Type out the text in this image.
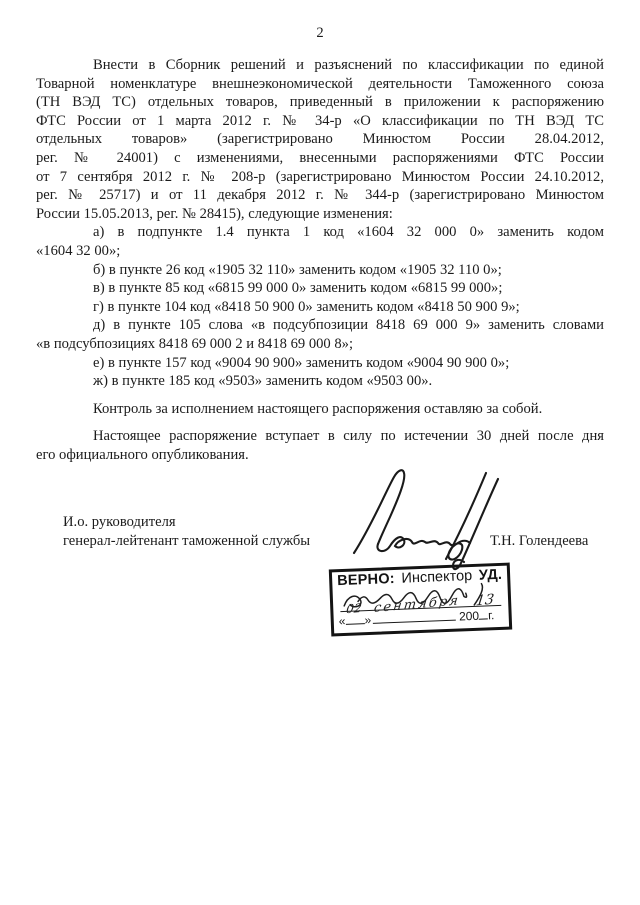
2
Внести в Сборник решений и разъяснений по классификации по единой
Товарной номенклатуре внешнеэкономической деятельности Таможенного союза
(ТН ВЭД ТС) отдельных товаров, приведенный в приложении к распоряжению
ФТС России от 1 марта 2012 г. № 34-р «О классификации по ТН ВЭД ТС
отдельных товаров» (зарегистрировано Минюстом России 28.04.2012,
рег. № 24001) с изменениями, внесенными распоряжениями ФТС России
от 7 сентября 2012 г. № 208-р (зарегистрировано Минюстом России 24.10.2012,
рег. № 25717) и от 11 декабря 2012 г. № 344-р (зарегистрировано Минюстом
России 15.05.2013, рег. № 28415), следующие изменения:
а) в подпункте 1.4 пункта 1 код «1604 32 000 0» заменить кодом
«1604 32 00»;
б) в пункте 26 код «1905 32 110» заменить кодом «1905 32 110 0»;
в) в пункте 85 код «6815 99 000 0» заменить кодом «6815 99 000»;
г) в пункте 104 код «8418 50 900 0» заменить кодом «8418 50 900 9»;
д) в пункте 105 слова «в подсубпозиции 8418 69 000 9» заменить словами
«в подсубпозициях 8418 69 000 2 и 8418 69 000 8»;
е) в пункте 157 код «9004 90 900» заменить кодом «9004 90 900 0»;
ж) в пункте 185 код «9503» заменить кодом «9503 00».
Контроль за исполнением настоящего распоряжения оставляю за собой.
Настоящее распоряжение вступает в силу по истечении 30 дней после дня
его официального опубликования.
И.о. руководителя
генерал-лейтенант таможенной службы	Т.Н. Голендеева
ВЕРНО: Инспектор УД.
«
02
»
сентября
200
13
г.
